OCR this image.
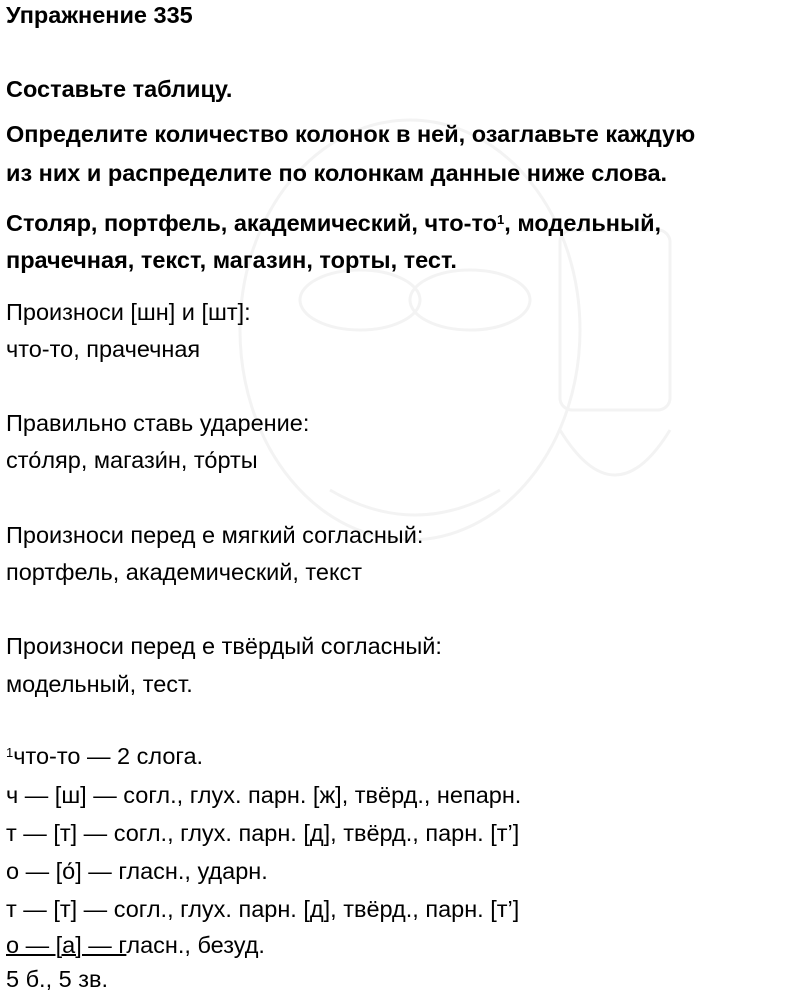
Упражнение 335
Составьте таблицу.
Определите количество колонок в ней, озаглавьте каждую
из них и распределите по колонкам данные ниже слова.
Столяр, портфель, академический, что-$то^1$, модельный,
прачечная, текст, магазин, торты, тест.
Произноси [шн] и [шт]:
что-то, прачечная
Правильно ставь ударение:
сто́ляр, магази́н, то́рты
Произноси перед е мягкий согласный:
портфель, академический, текст
Произноси перед е твёрдый согласный:
модельный, тест.
$^1$что-то — 2 слога.
ч — [ш] — согл., глух. парн. [ж], твёрд., непарн.
т — [т] — согл., глух. парн. [д], твёрд., парн. [т’]
о — [о́] — гласн., ударн.
т — [т] — согл., глух. парн. [д], твёрд., парн. [т’]
о — [а] — гласн., безуд.
5 б., 5 зв.
